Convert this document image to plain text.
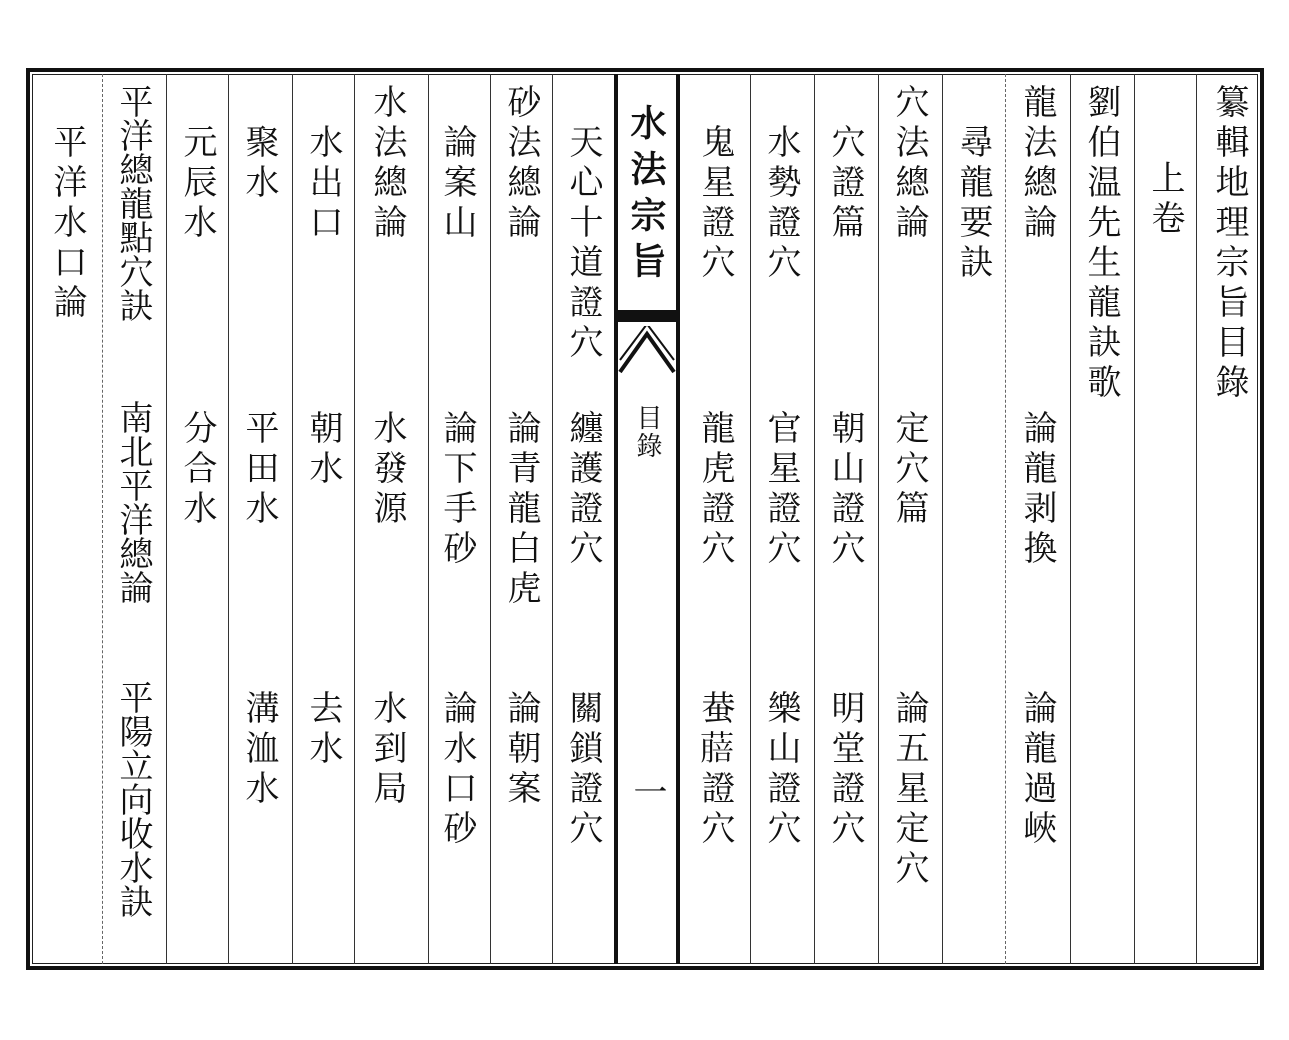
水法宗旨
目錄
一
纂輯地理宗旨目錄
上卷
劉伯温先生龍訣歌
龍法總論
論龍剥換
論龍過峽
尋龍要訣
穴法總論
定穴篇
論五星定穴
穴證篇
朝山證穴
明堂證穴
水勢證穴
官星證穴
樂山證穴
鬼星證穴
龍虎證穴
蛬𦺎證穴
天心十道證穴
纏護證穴
關鎖證穴
砂法總論
論青龍白虎
論朝案
論案山
論下手砂
論水口砂
水法總論
水發源
水到局
水出口
朝水
去水
聚水
平田水
溝洫水
元辰水
分合水
平洋總龍點穴訣
南北平洋總論
平陽立向收水訣
平洋水口論
